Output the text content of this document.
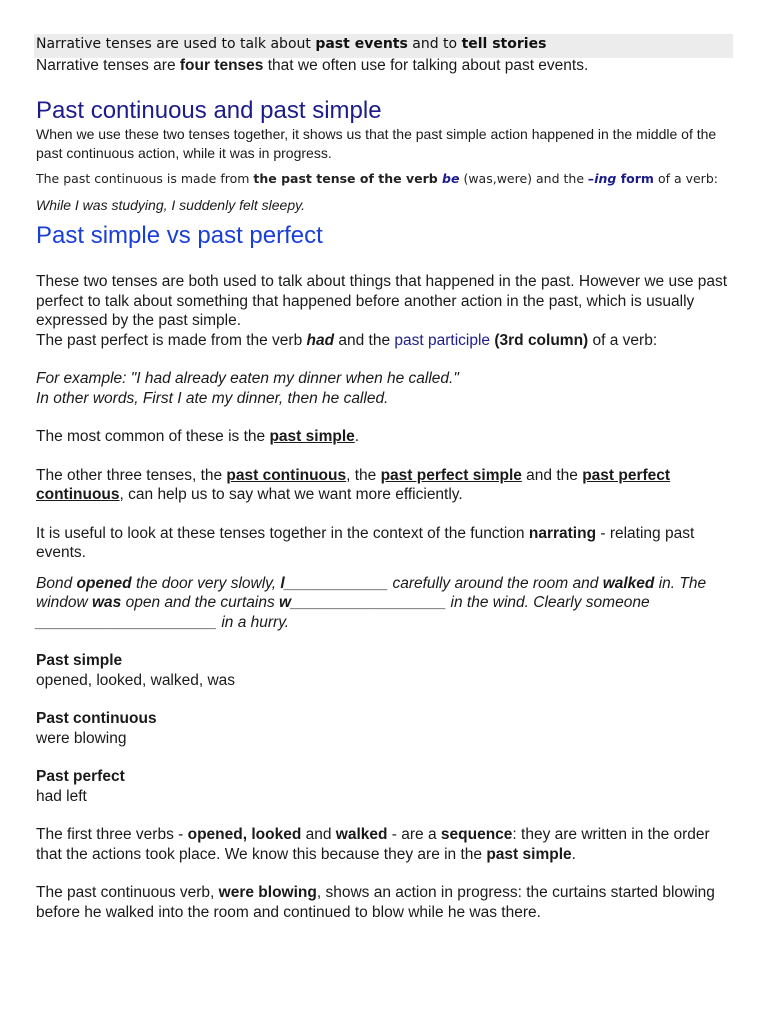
Narrative tenses are used to talk about past events and to tell stories

Narrative tenses are four tenses that we often use for talking about past events.

Past continuous and past simple

When we use these two tenses together, it shows us that the past simple action happened in the middle of the past continuous action, while it was in progress.

The past continuous is made from the past tense of the verb be (was,were) and the –ing form of a verb:

While I was studying, I suddenly felt sleepy.

Past simple vs past perfect

These two tenses are both used to talk about things that happened in the past. However we use past perfect to talk about something that happened before another action in the past, which is usually expressed by the past simple.

The past perfect is made from the verb had and the past participle (3rd column) of a verb:

For example: "I had already eaten my dinner when he called."

In other words, First I ate my dinner, then he called.

The most common of these is the past simple.

The other three tenses, the past continuous, the past perfect simple and the past perfect continuous, can help us to say what we want more efficiently.

It is useful to look at these tenses together in the context of the function narrating - relating past events.

Bond opened the door very slowly, l____________ carefully around the room and walked in. The window was open and the curtains w__________________ in the wind. Clearly someone _____________________ in a hurry.

Past simple

opened, looked, walked, was

Past continuous

were blowing

Past perfect

had left

The first three verbs - opened, looked and walked - are a sequence: they are written in the order that the actions took place. We know this because they are in the past simple.

The past continuous verb, were blowing, shows an action in progress: the curtains started blowing before he walked into the room and continued to blow while he was there.
